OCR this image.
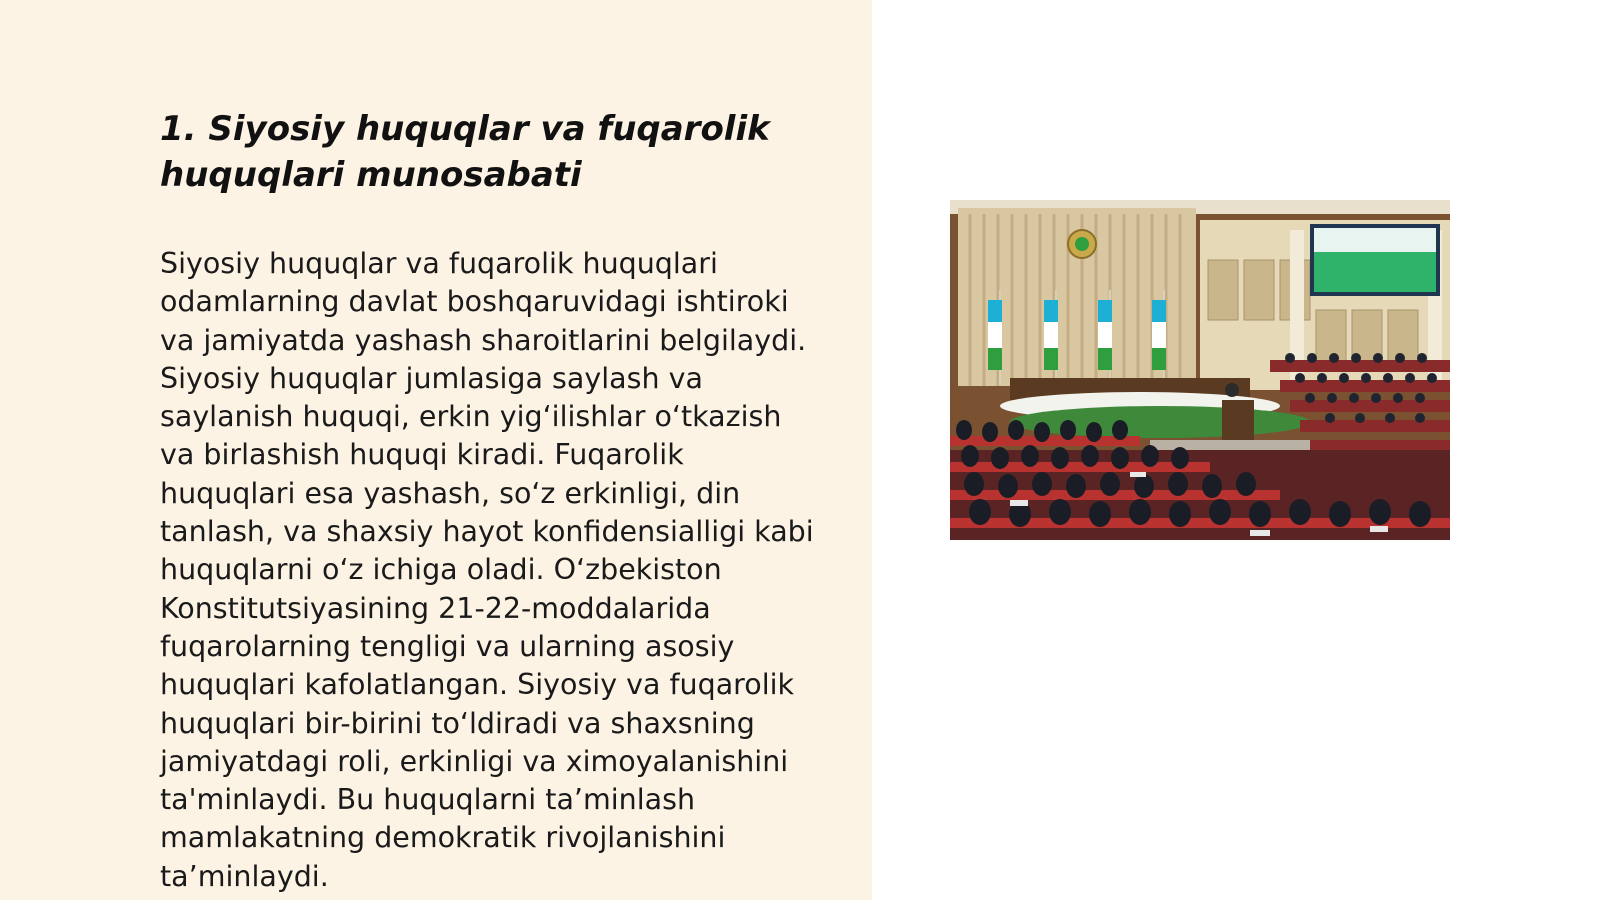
1. Siyosiy huquqlar va fuqarolik huquqlari munosabati

Siyosiy huquqlar va fuqarolik huquqlari
odamlarning davlat boshqaruvidagi ishtiroki
va jamiyatda yashash sharoitlarini belgilaydi.
Siyosiy huquqlar jumlasiga saylash va
saylanish huquqi, erkin yig‘ilishlar o‘tkazish
va birlashish huquqi kiradi. Fuqarolik
huquqlari esa yashash, so‘z erkinligi, din
tanlash, va shaxsiy hayot konfidensialligi kabi
huquqlarni o‘z ichiga oladi. O‘zbekiston
Konstitutsiyasining 21-22-moddalarida
fuqarolarning tengligi va ularning asosiy
huquqlari kafolatlangan. Siyosiy va fuqarolik
huquqlari bir-birini to‘ldiradi va shaxsning
jamiyatdagi roli, erkinligi va ximoyalanishini
ta'minlaydi. Bu huquqlarni ta’minlash
mamlakatning demokratik rivojlanishini
ta’minlaydi.
